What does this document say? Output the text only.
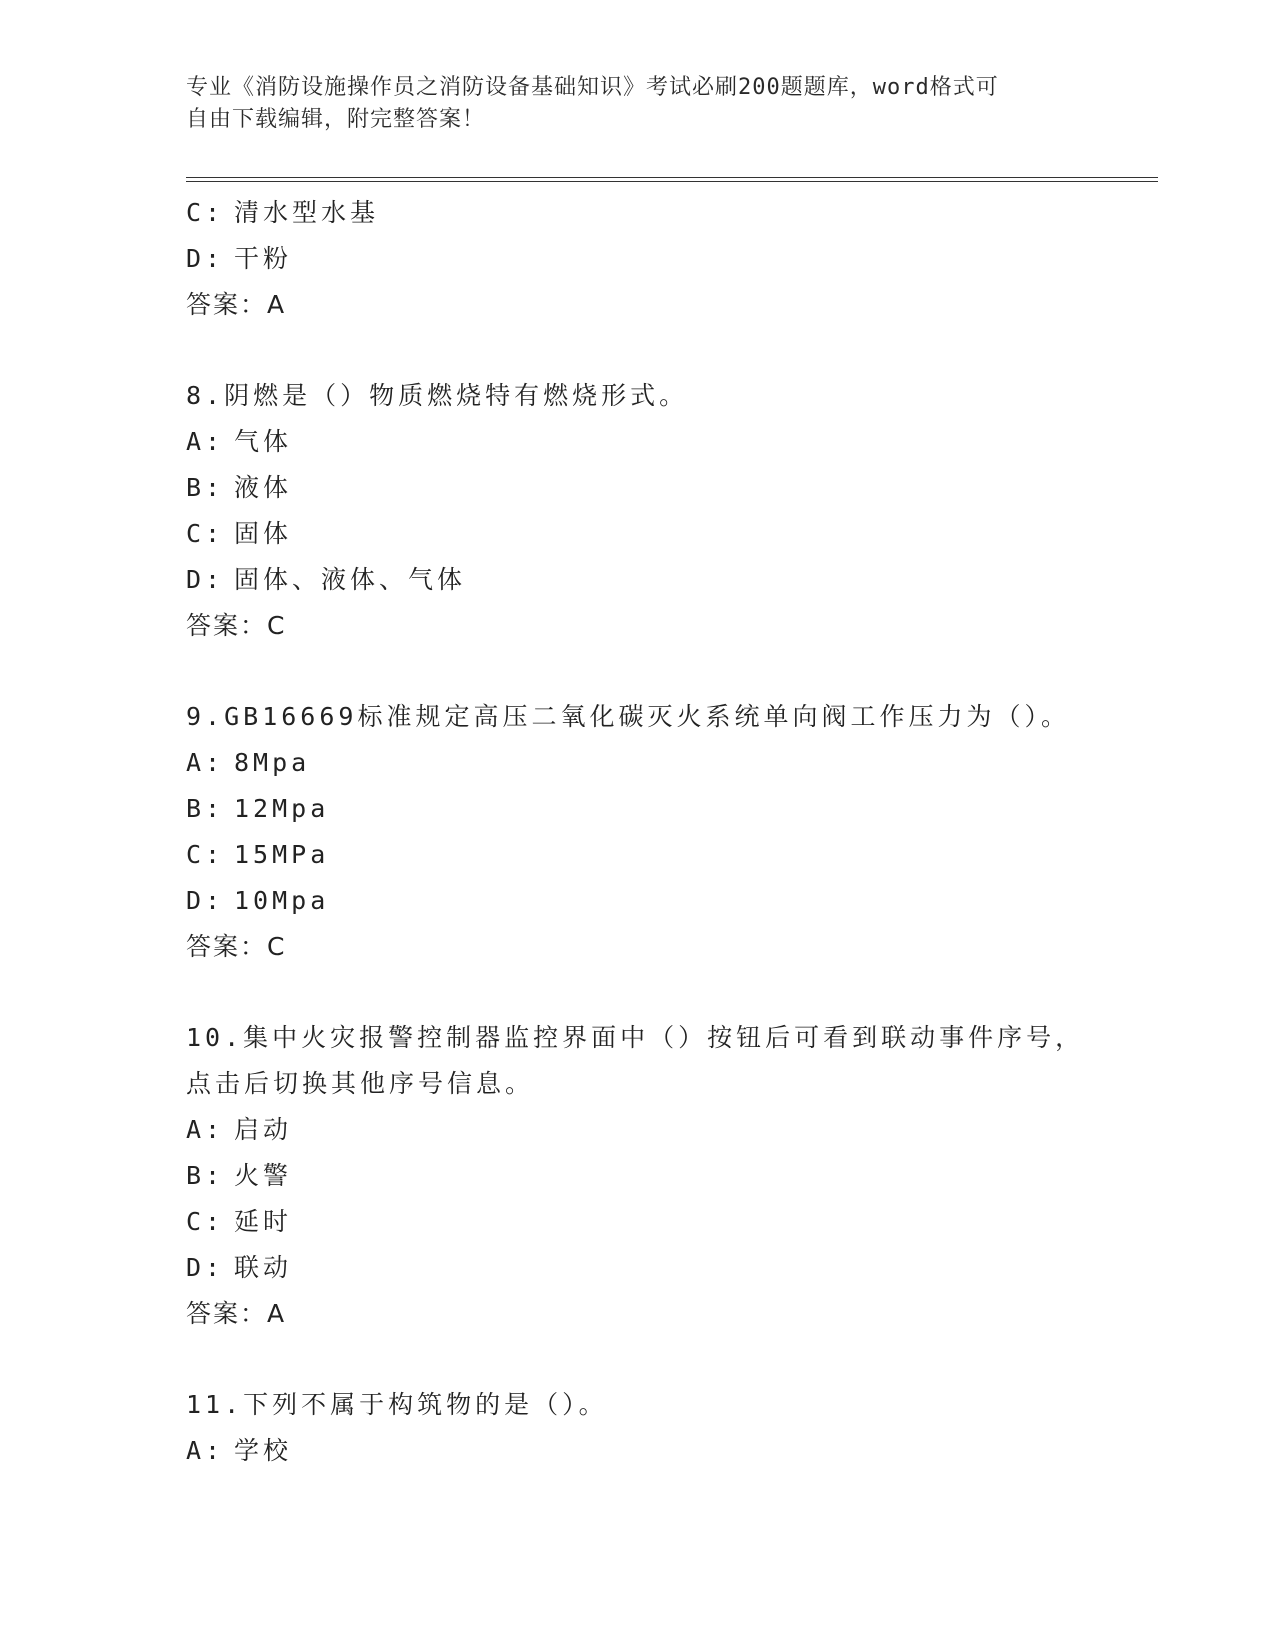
专业《消防设施操作员之消防设备基础知识》考试必刷200题题库，word格式可
自由下载编辑，附完整答案！
C: 清水型水基
D: 干粉
答案：A
8.阴燃是（）物质燃烧特有燃烧形式。
A: 气体
B: 液体
C: 固体
D: 固体、液体、气体
答案：C
9.GB16669标准规定高压二氧化碳灭火系统单向阀工作压力为（）。
A: 8Mpa
B: 12Mpa
C: 15MPa
D: 10Mpa
答案：C
10.集中火灾报警控制器监控界面中（）按钮后可看到联动事件序号，
点击后切换其他序号信息。
A: 启动
B: 火警
C: 延时
D: 联动
答案：A
11.下列不属于构筑物的是（）。
A: 学校
